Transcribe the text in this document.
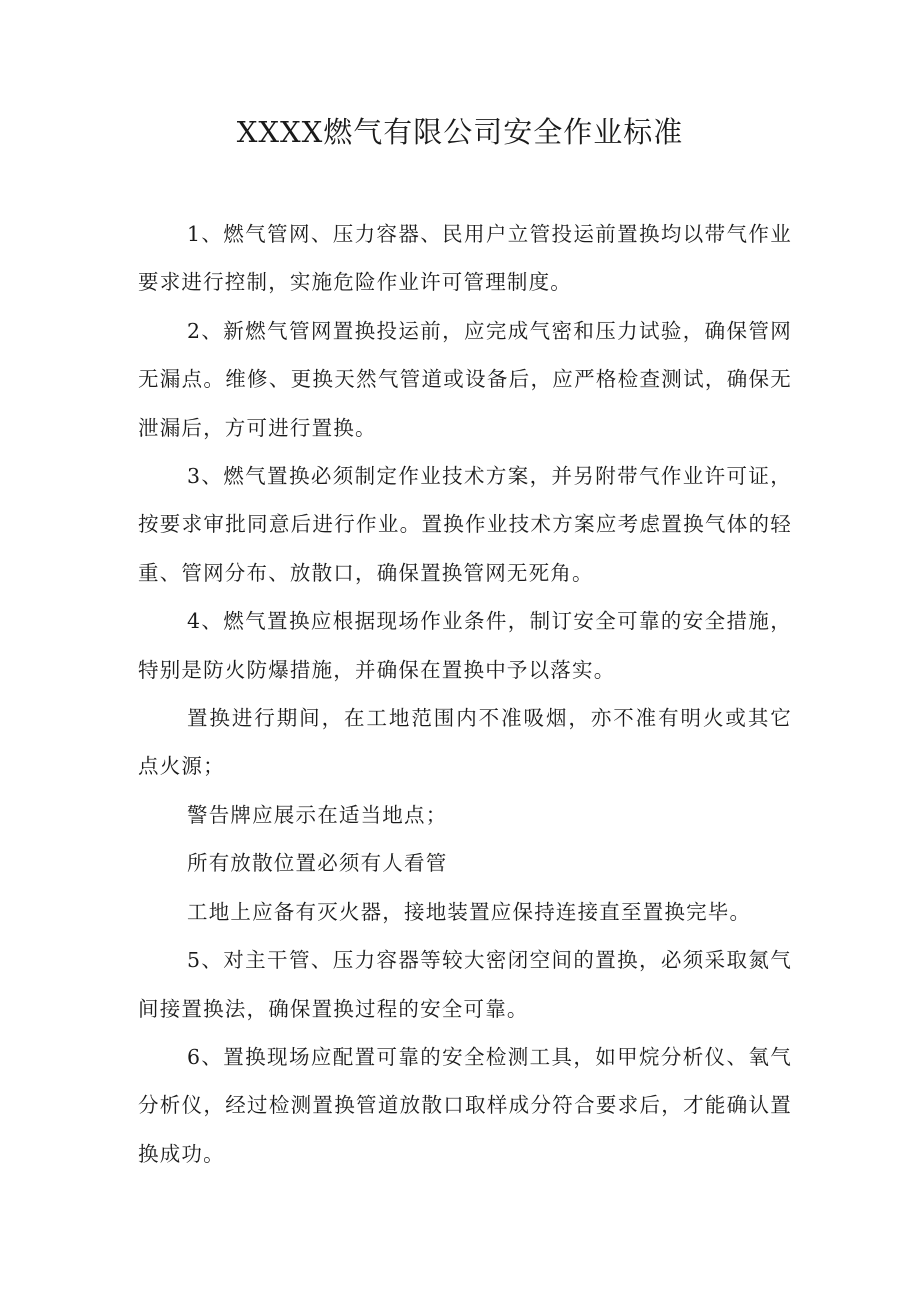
XXXX燃气有限公司安全作业标准

1、燃气管网、压力容器、民用户立管投运前置换均以带气作业要求进行控制，实施危险作业许可管理制度。

2、新燃气管网置换投运前，应完成气密和压力试验，确保管网无漏点。维修、更换天然气管道或设备后，应严格检查测试，确保无泄漏后，方可进行置换。

3、燃气置换必须制定作业技术方案，并另附带气作业许可证，按要求审批同意后进行作业。置换作业技术方案应考虑置换气体的轻重、管网分布、放散口，确保置换管网无死角。

4、燃气置换应根据现场作业条件，制订安全可靠的安全措施，特别是防火防爆措施，并确保在置换中予以落实。

置换进行期间，在工地范围内不准吸烟，亦不准有明火或其它点火源；

警告牌应展示在适当地点；

所有放散位置必须有人看管

工地上应备有灭火器，接地装置应保持连接直至置换完毕。

5、对主干管、压力容器等较大密闭空间的置换，必须采取氮气间接置换法，确保置换过程的安全可靠。

6、置换现场应配置可靠的安全检测工具，如甲烷分析仪、氧气分析仪，经过检测置换管道放散口取样成分符合要求后，才能确认置换成功。
